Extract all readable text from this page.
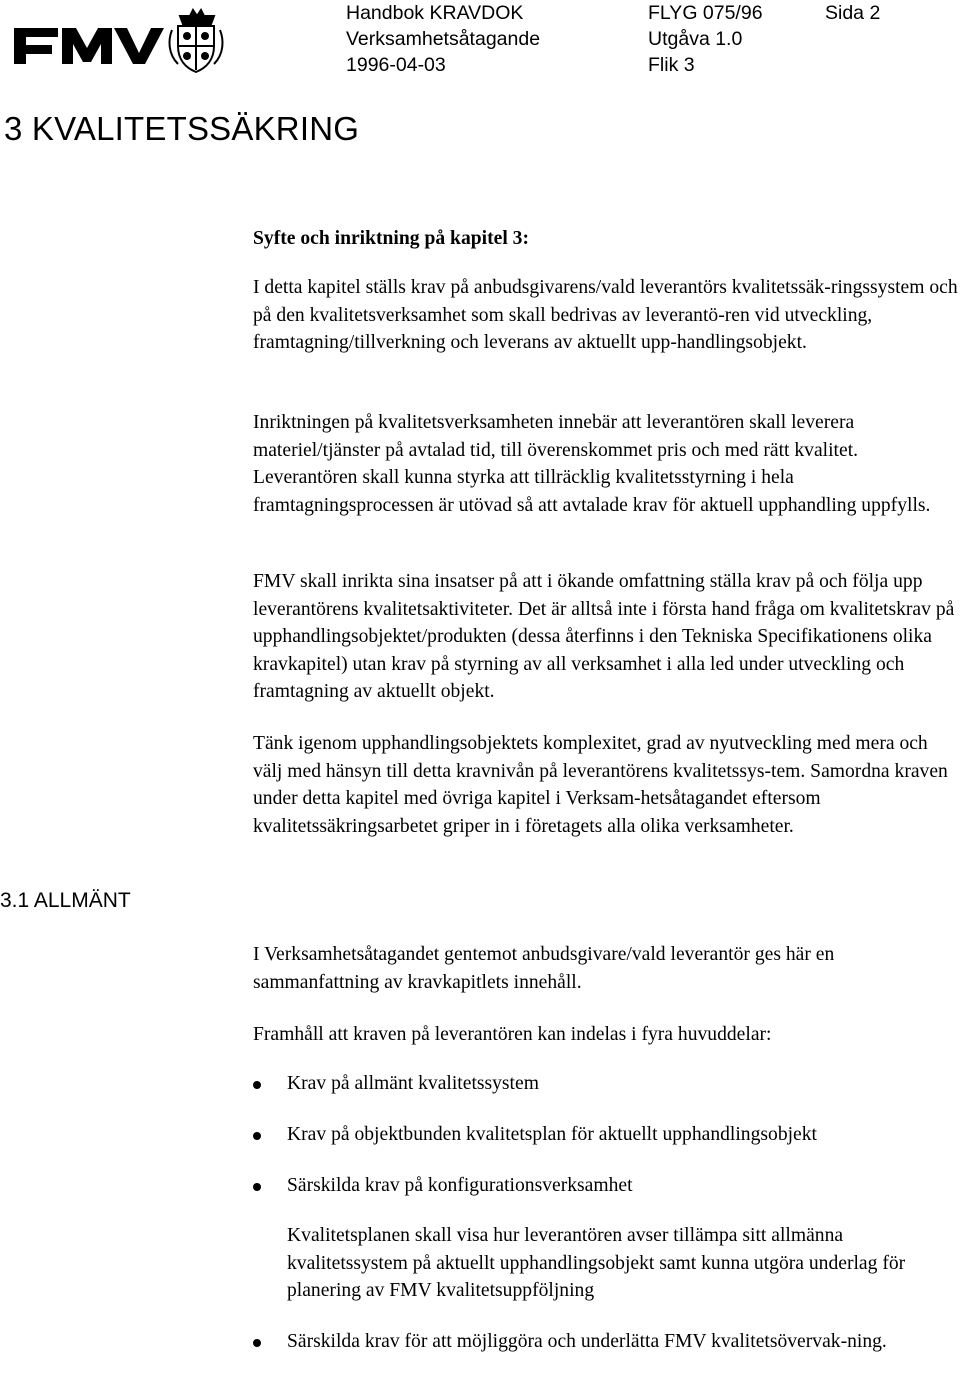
Handbok KRAVDOK
Verksamhetsåtagande
1996-04-03
FLYG 075/96
Utgåva 1.0
Flik 3
Sida 2
3 KVALITETSSÄKRING
Syfte och inriktning på kapitel 3:

I detta kapitel ställs krav på anbudsgivarens/vald leverantörs kvalitetssäk-ringssystem och på den kvalitetsverksamhet som skall bedrivas av leverantö-ren vid utveckling, framtagning/tillverkning och leverans av aktuellt upp-handlingsobjekt.

Inriktningen på kvalitetsverksamheten innebär att leverantören skall leverera materiel/tjänster på avtalad tid, till överenskommet pris och med rätt kvalitet. Leverantören skall kunna styrka att tillräcklig kvalitetsstyrning i hela framtagningsprocessen är utövad så att avtalade krav för aktuell upphandling uppfylls.

FMV skall inrikta sina insatser på att i ökande omfattning ställa krav på och följa upp leverantörens kvalitetsaktiviteter. Det är alltså inte i första hand fråga om kvalitetskrav på upphandlingsobjektet/produkten (dessa återfinns i den Tekniska Specifikationens olika kravkapitel) utan krav på styrning av all verksamhet i alla led under utveckling och framtagning av aktuellt objekt.

Tänk igenom upphandlingsobjektets komplexitet, grad av nyutveckling med mera och välj med hänsyn till detta kravnivån på leverantörens kvalitetssys-tem. Samordna kraven under detta kapitel med övriga kapitel i Verksam-hetsåtagandet eftersom kvalitetssäkringsarbetet griper in i företagets alla olika verksamheter.

3.1 ALLMÄNT

I Verksamhetsåtagandet gentemot anbudsgivare/vald leverantör ges här en sammanfattning av kravkapitlets innehåll.

Framhåll att kraven på leverantören kan indelas i fyra huvuddelar:

Krav på allmänt kvalitetssystem
Krav på objektbunden kvalitetsplan för aktuellt upphandlingsobjekt
Särskilda krav på konfigurationsverksamhet
Kvalitetsplanen skall visa hur leverantören avser tillämpa sitt allmänna kvalitetssystem på aktuellt upphandlingsobjekt samt kunna utgöra underlag för planering av FMV kvalitetsuppföljning
Särskilda krav för att möjliggöra och underlätta FMV kvalitetsövervak-ning.
